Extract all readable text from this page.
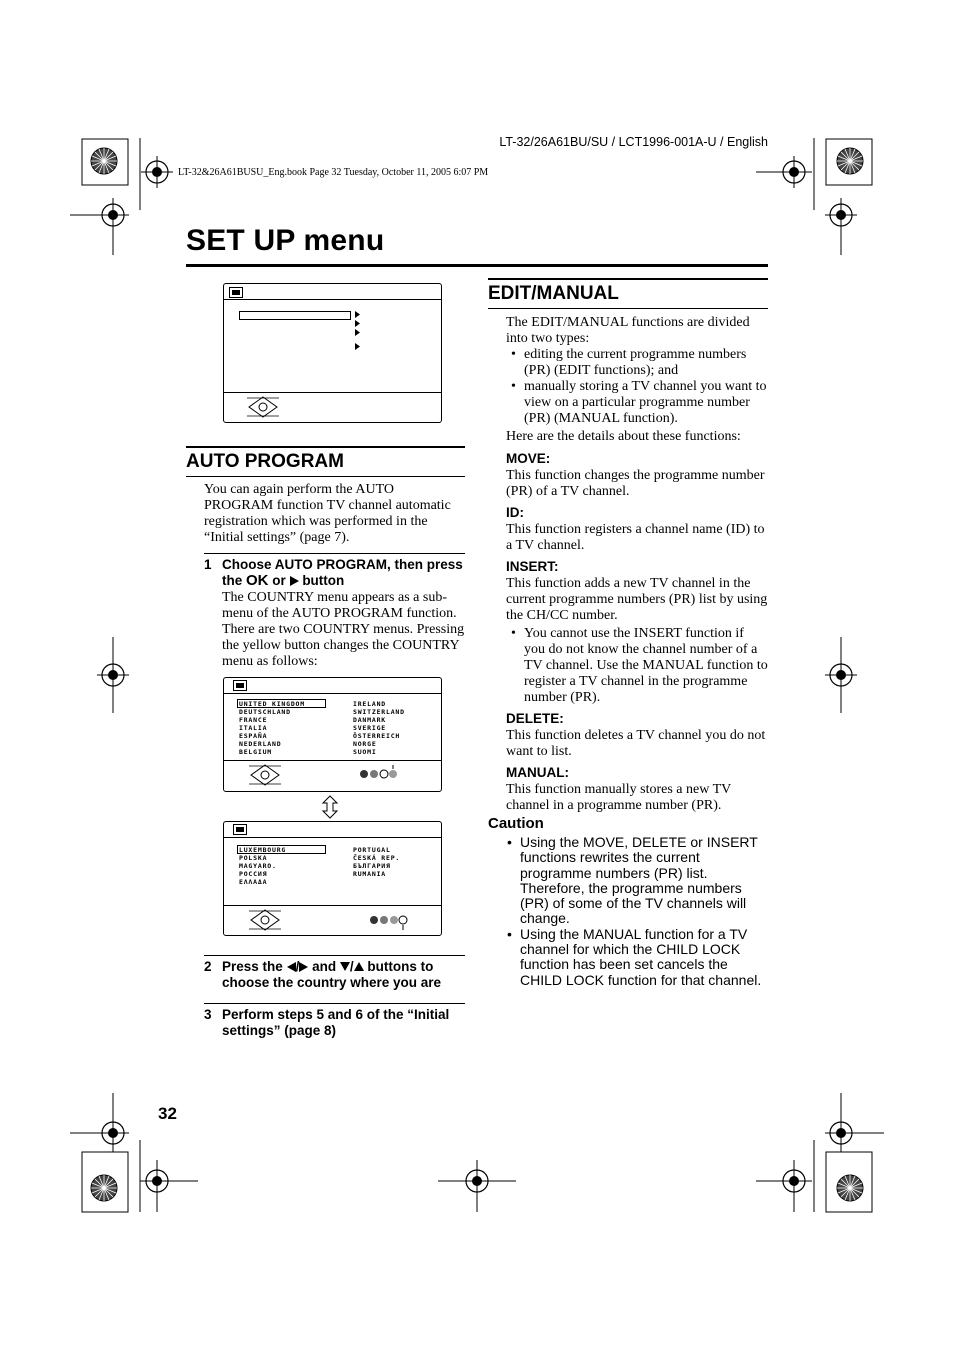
LT-32/26A61BU/SU / LCT1996-001A-U / English
LT-32&26A61BUSU_Eng.book Page 32 Tuesday, October 11, 2005 6:07 PM
SET UP menu
AUTO PROGRAM
You can again perform the AUTO PROGRAM function TV channel automatic registration which was performed in the “Initial settings” (page 7).
1 Choose AUTO PROGRAM, then press the OK or button
The COUNTRY menu appears as a sub-menu of the AUTO PROGRAM function. There are two COUNTRY menus. Pressing the yellow button changes the COUNTRY menu as follows:
UNITED KINGDOM
DEUTSCHLAND
FRANCE
ITALIA
ESPAÑA
NEDERLAND
BELGIUM
IRELAND
SWITZERLAND
DANMARK
SVERIGE
ÖSTERREICH
NORGE
SUOMI
LUXEMBOURG
POLSKA
MAGYARO.
РОССИЯ
ΕΛΛΑΔΑ
PORTUGAL
ČESKÁ REP.
БЪЛГАРИЯ
RUMANIA
2 Press the / and / buttons to choose the country where you are
3 Perform steps 5 and 6 of the “Initial settings” (page 8)
EDIT/MANUAL
The EDIT/MANUAL functions are divided into two types:
• editing the current programme numbers (PR) (EDIT functions); and
• manually storing a TV channel you want to view on a particular programme number (PR) (MANUAL function).
Here are the details about these functions:
MOVE:
This function changes the programme number (PR) of a TV channel.
ID:
This function registers a channel name (ID) to a TV channel.
INSERT:
This function adds a new TV channel in the current programme numbers (PR) list by using the CH/CC number.
• You cannot use the INSERT function if you do not know the channel number of a TV channel. Use the MANUAL function to register a TV channel in the programme number (PR).
DELETE:
This function deletes a TV channel you do not want to list.
MANUAL:
This function manually stores a new TV channel in a programme number (PR).
Caution
• Using the MOVE, DELETE or INSERT functions rewrites the current programme numbers (PR) list. Therefore, the programme numbers (PR) of some of the TV channels will change.
• Using the MANUAL function for a TV channel for which the CHILD LOCK function has been set cancels the CHILD LOCK function for that channel.
32
